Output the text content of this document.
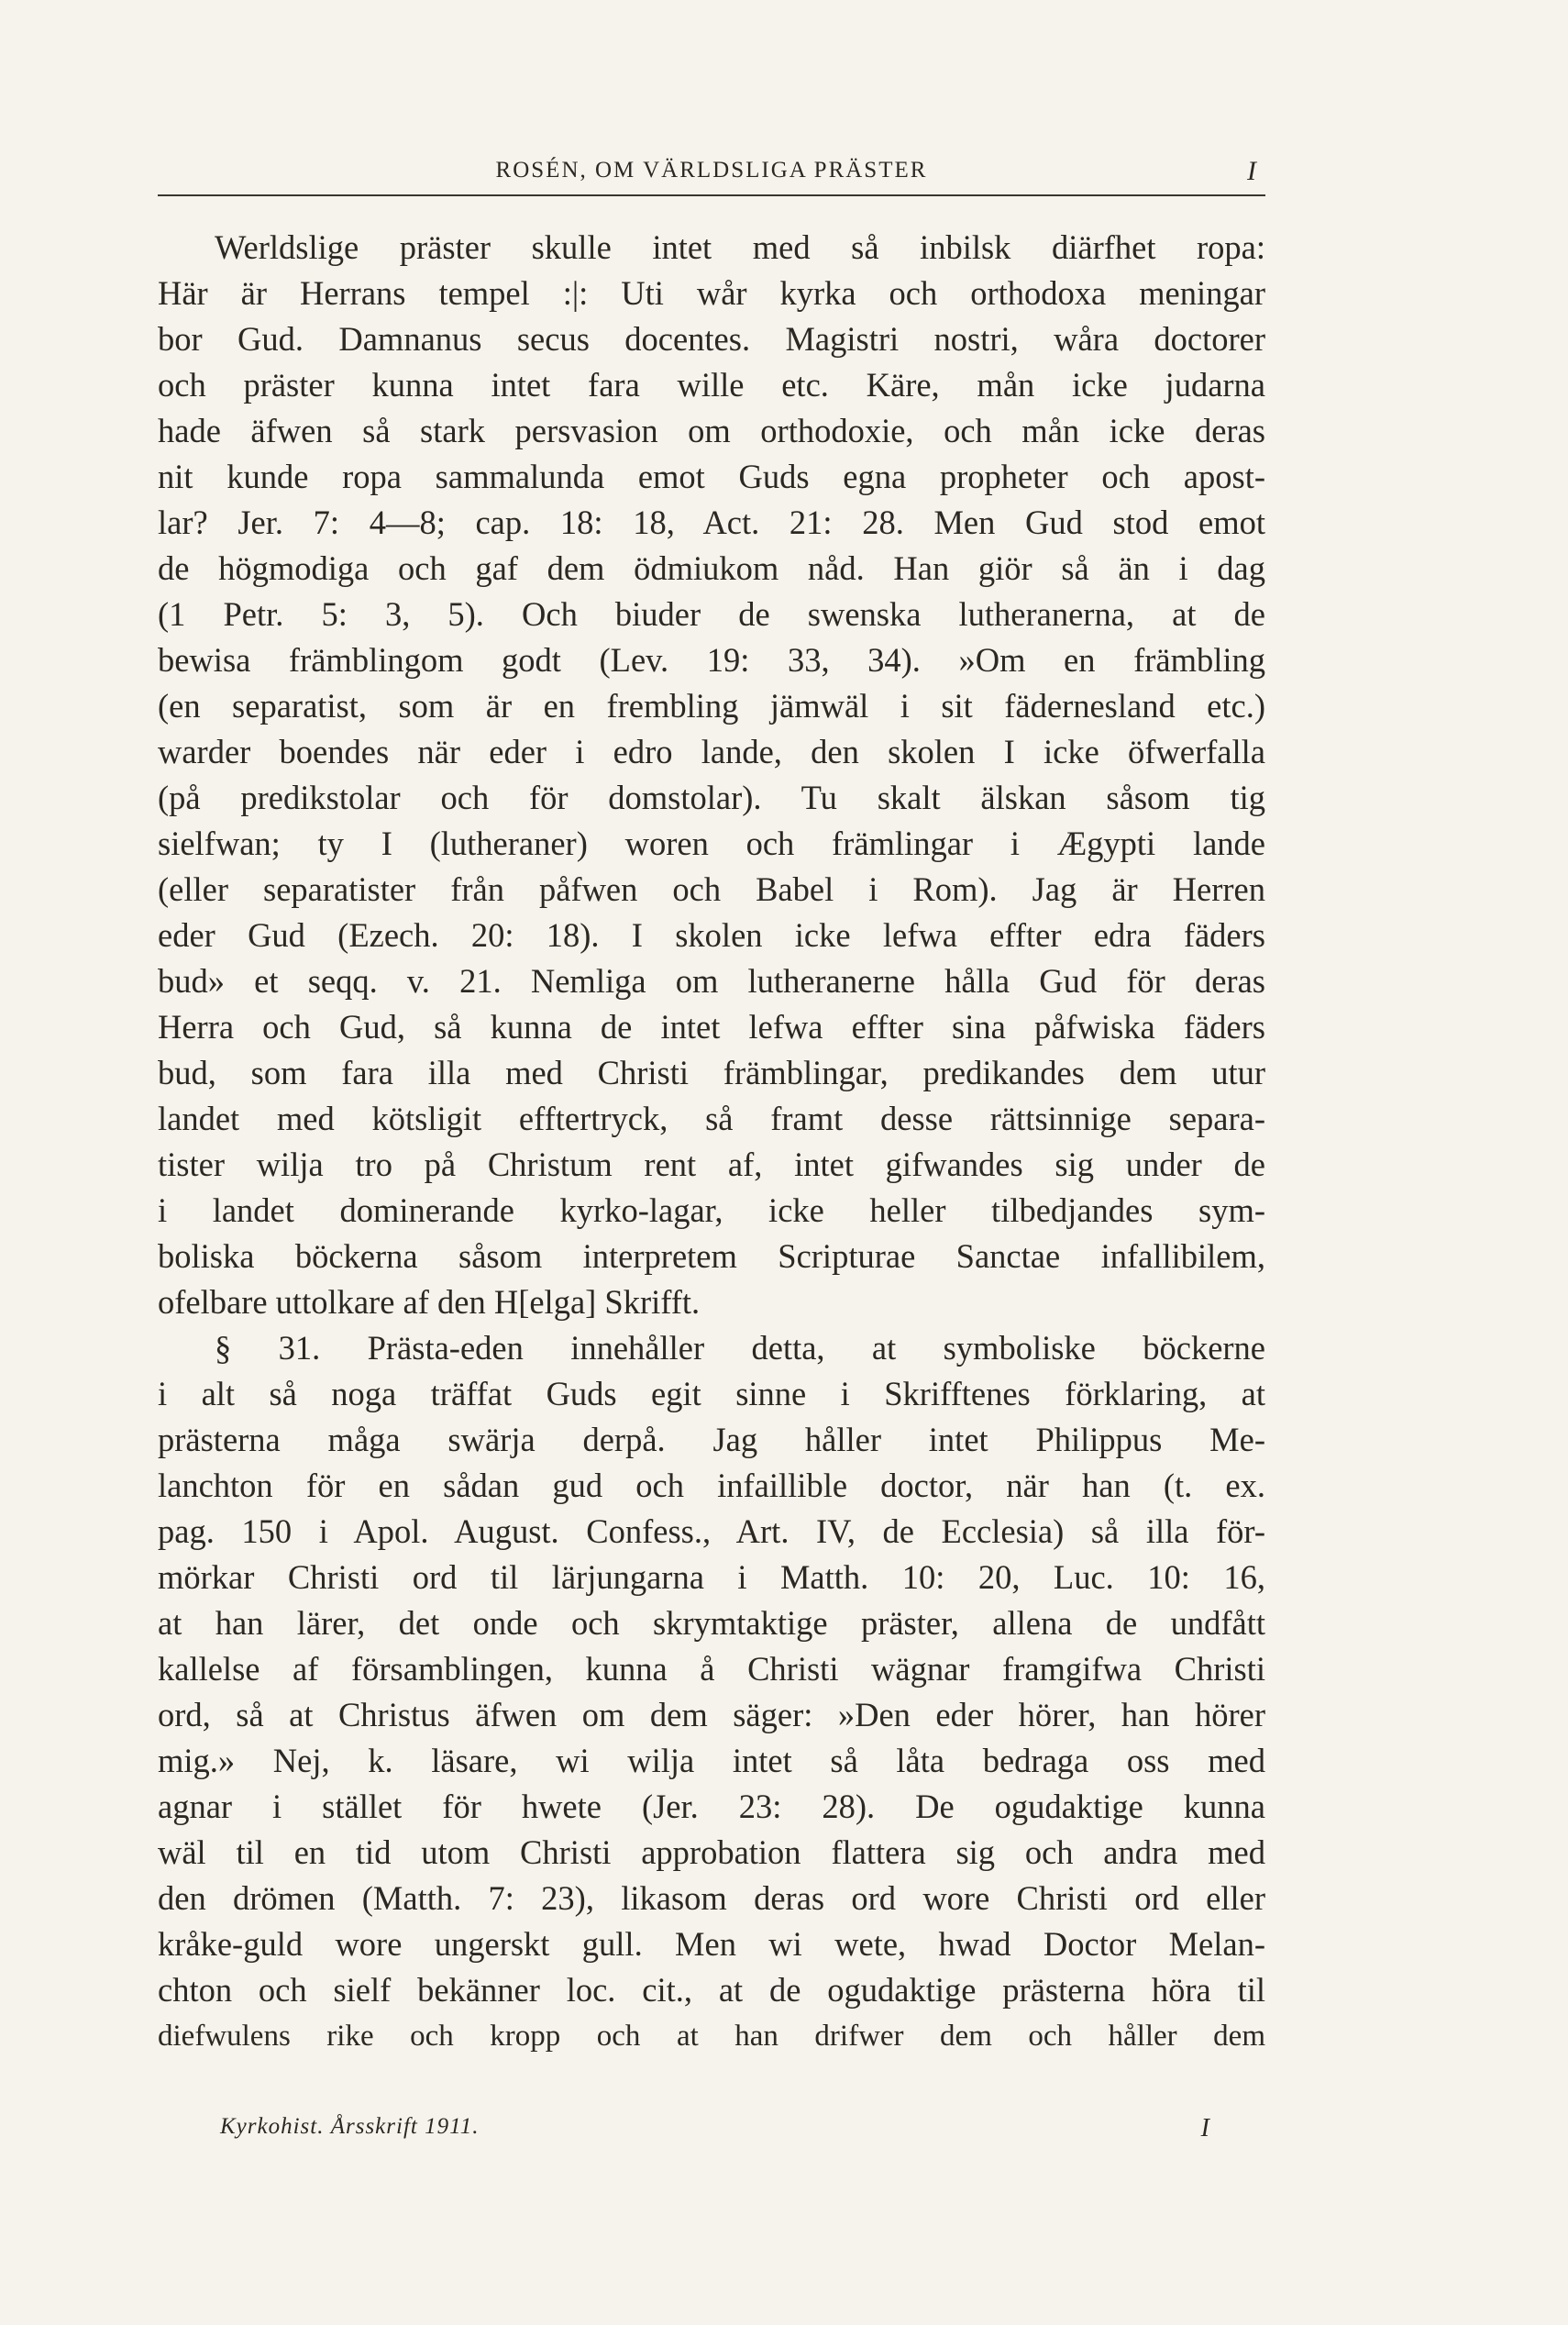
ROSÉN, OM VÄRLDSLIGA PRÄSTER	I
Werldslige präster skulle intet med så inbilsk diärfhet ropa:
Här är Herrans tempel :|: Uti wår kyrka och orthodoxa meningar
bor Gud. Damnanus secus docentes. Magistri nostri, wåra doctorer
och präster kunna intet fara wille etc. Käre, mån icke judarna
hade äfwen så stark persvasion om orthodoxie, och mån icke deras
nit kunde ropa sammalunda emot Guds egna propheter och apost-
lar? Jer. 7: 4—8; cap. 18: 18, Act. 21: 28. Men Gud stod emot
de högmodiga och gaf dem ödmiukom nåd. Han giör så än i dag
(1 Petr. 5: 3, 5). Och biuder de swenska lutheranerna, at de
bewisa främblingom godt (Lev. 19: 33, 34). »Om en främbling
(en separatist, som är en frembling jämwäl i sit fädernesland etc.)
warder boendes när eder i edro lande, den skolen I icke öfwerfalla
(på predikstolar och för domstolar). Tu skalt älskan såsom tig
sielfwan; ty I (lutheraner) woren och främlingar i Ægypti lande
(eller separatister från påfwen och Babel i Rom). Jag är Herren
eder Gud (Ezech. 20: 18). I skolen icke lefwa effter edra fäders
bud» et seqq. v. 21. Nemliga om lutheranerne hålla Gud för deras
Herra och Gud, så kunna de intet lefwa effter sina påfwiska fäders
bud, som fara illa med Christi främblingar, predikandes dem utur
landet med kötsligit efftertryck, så framt desse rättsinnige separa-
tister wilja tro på Christum rent af, intet gifwandes sig under de
i landet dominerande kyrko-lagar, icke heller tilbedjandes sym-
boliska böckerna såsom interpretem Scripturae Sanctae infallibilem,
ofelbare uttolkare af den H[elga] Skrifft.
§ 31. Prästa-eden innehåller detta, at symboliske böckerne
i alt så noga träffat Guds egit sinne i Skrifftenes förklaring, at
prästerna måga swärja derpå. Jag håller intet Philippus Me-
lanchton för en sådan gud och infaillible doctor, när han (t. ex.
pag. 150 i Apol. August. Confess., Art. IV, de Ecclesia) så illa för-
mörkar Christi ord til lärjungarna i Matth. 10: 20, Luc. 10: 16,
at han lärer, det onde och skrymtaktige präster, allena de undfått
kallelse af församblingen, kunna å Christi wägnar framgifwa Christi
ord, så at Christus äfwen om dem säger: »Den eder hörer, han hörer
mig.» Nej, k. läsare, wi wilja intet så låta bedraga oss med
agnar i stället för hwete (Jer. 23: 28). De ogudaktige kunna
wäl til en tid utom Christi approbation flattera sig och andra med
den drömen (Matth. 7: 23), likasom deras ord wore Christi ord eller
kråke-guld wore ungerskt gull. Men wi wete, hwad Doctor Melan-
chton och sielf bekänner loc. cit., at de ogudaktige prästerna höra til
diefwulens rike och kropp och at han drifwer dem och håller dem
Kyrkohist. Årsskrift 1911.	I
